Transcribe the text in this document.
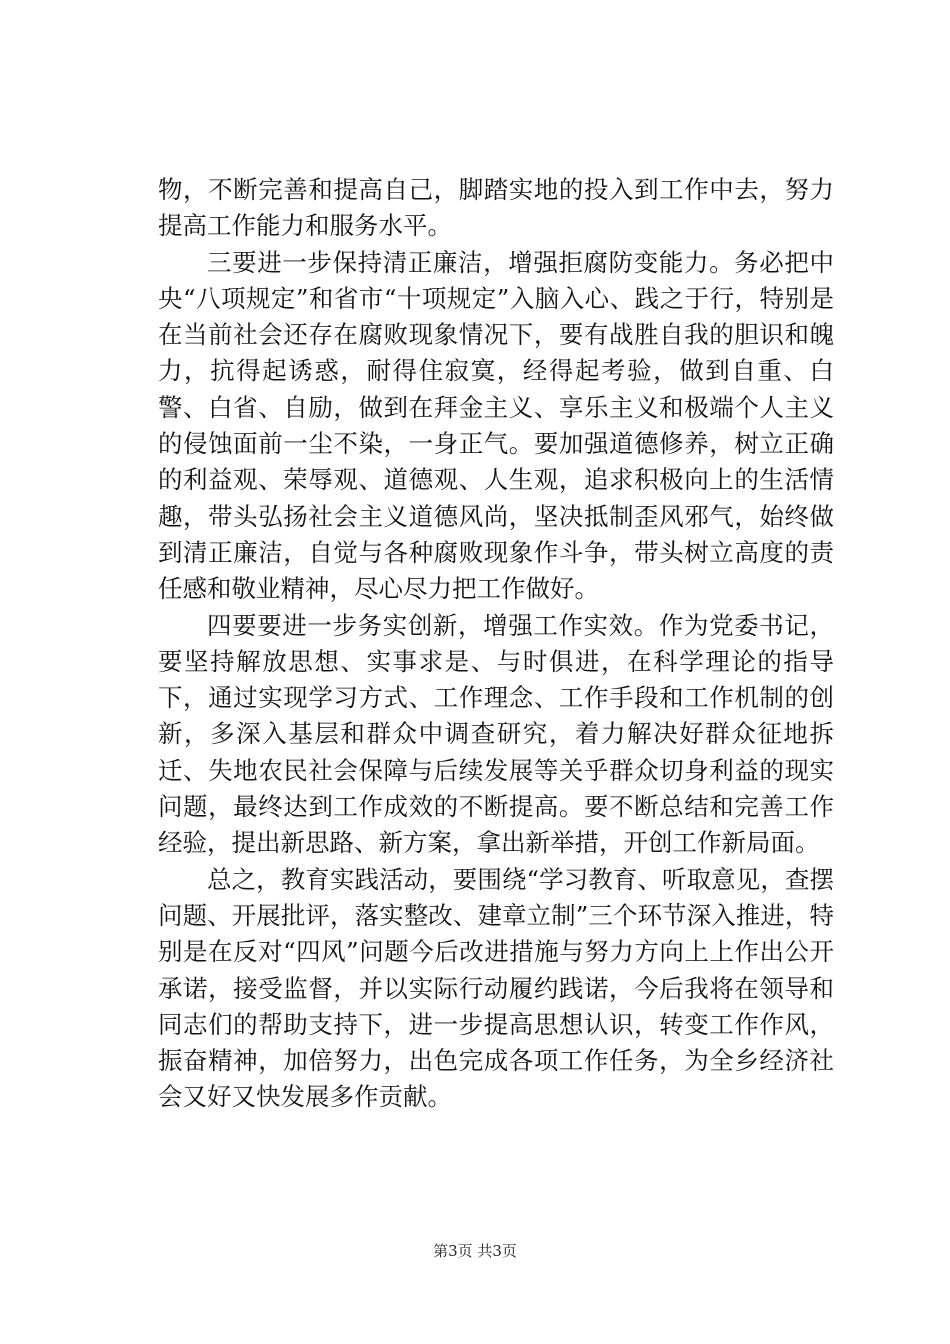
物，不断完善和提高自己，脚踏实地的投入到工作中去，努力提高工作能力和服务水平。

三要进一步保持清正廉洁，增强拒腐防变能力。务必把中央“八项规定”和省市“十项规定”入脑入心、践之于行，特别是在当前社会还存在腐败现象情况下，要有战胜自我的胆识和魄力，抗得起诱惑，耐得住寂寞，经得起考验，做到自重、白警、白省、自励，做到在拜金主义、享乐主义和极端个人主义的侵蚀面前一尘不染，一身正气。要加强道德修养，树立正确的利益观、荣辱观、道德观、人生观，追求积极向上的生活情趣，带头弘扬社会主义道德风尚，坚决抵制歪风邪气，始终做到清正廉洁，自觉与各种腐败现象作斗争，带头树立高度的责任感和敬业精神，尽心尽力把工作做好。

四要要进一步务实创新，增强工作实效。作为党委书记，要坚持解放思想、实事求是、与时俱进，在科学理论的指导下，通过实现学习方式、工作理念、工作手段和工作机制的创新，多深入基层和群众中调查研究，着力解决好群众征地拆迁、失地农民社会保障与后续发展等关乎群众切身利益的现实问题，最终达到工作成效的不断提高。要不断总结和完善工作经验，提出新思路、新方案，拿出新举措，开创工作新局面。

总之，教育实践活动，要围绕“学习教育、听取意见，查摆问题、开展批评，落实整改、建章立制”三个环节深入推进，特别是在反对“四风”问题今后改进措施与努力方向上上作出公开承诺，接受监督，并以实际行动履约践诺，今后我将在领导和同志们的帮助支持下，进一步提高思想认识，转变工作作风，振奋精神，加倍努力，出色完成各项工作任务，为全乡经济社会又好又快发展多作贡献。

第3页 共3页
